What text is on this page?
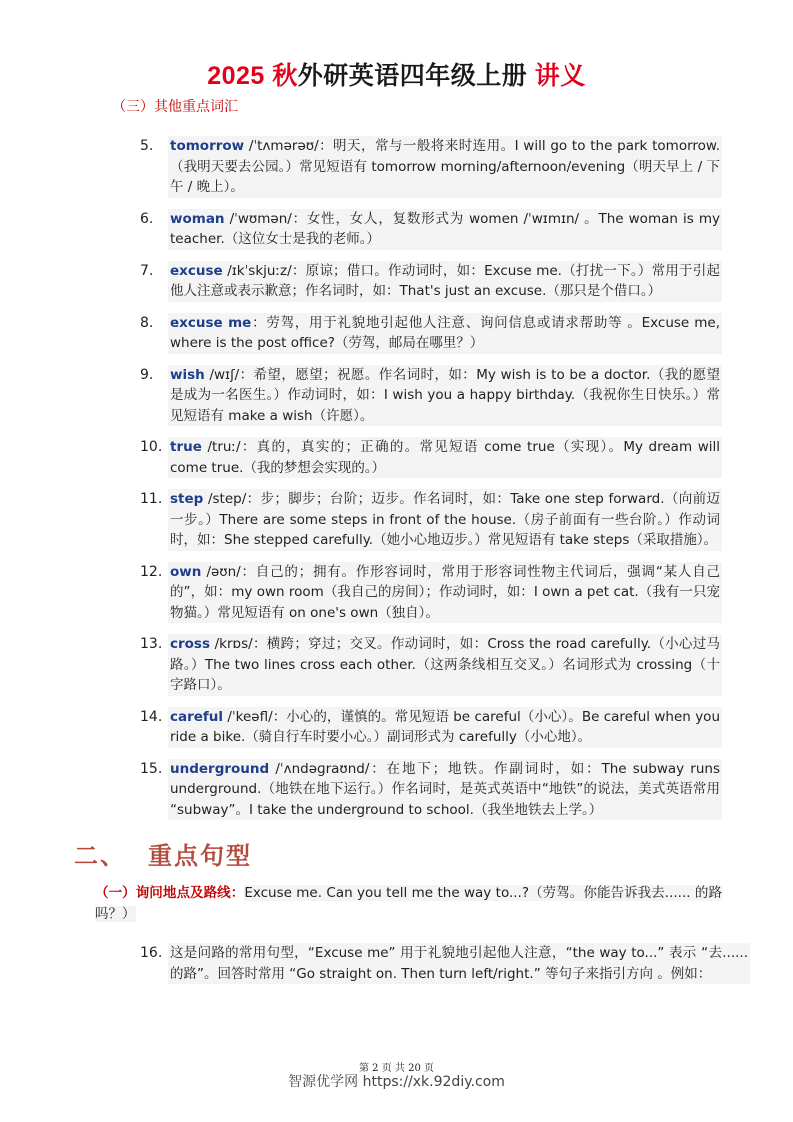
2025 秋外研英语四年级上册 讲义
（三）其他重点词汇
5.	tomorrow /ˈtʌmərəʊ/：明天，常与一般将来时连用。I will go to the park tomorrow.（我明天要去公园。）常见短语有 tomorrow morning/afternoon/evening（明天早上 / 下午 / 晚上）。
6.	woman /ˈwʊmən/：女性，女人，复数形式为 women /ˈwɪmɪn/ 。The woman is my teacher.（这位女士是我的老师。）
7.	excuse /ɪkˈskjuːz/：原谅；借口。作动词时，如：Excuse me.（打扰一下。）常用于引起他人注意或表示歉意；作名词时，如：That's just an excuse.（那只是个借口。）
8.	excuse me：劳驾，用于礼貌地引起他人注意、询问信息或请求帮助等 。Excuse me, where is the post office?（劳驾，邮局在哪里？）
9.	wish /wɪʃ/：希望，愿望；祝愿。作名词时，如：My wish is to be a doctor.（我的愿望是成为一名医生。）作动词时，如：I wish you a happy birthday.（我祝你生日快乐。）常见短语有 make a wish（许愿）。
10. true /truː/：真的，真实的；正确的。常见短语 come true（实现）。My dream will come true.（我的梦想会实现的。）
11. step /step/：步；脚步；台阶；迈步。作名词时，如：Take one step forward.（向前迈一步。）There are some steps in front of the house.（房子前面有一些台阶。）作动词时，如：She stepped carefully.（她小心地迈步。）常见短语有 take steps（采取措施）。
12. own /əʊn/：自己的；拥有。作形容词时，常用于形容词性物主代词后，强调“某人自己的”，如：my own room（我自己的房间）；作动词时，如：I own a pet cat.（我有一只宠物猫。）常见短语有 on one's own（独自）。
13. cross /krɒs/：横跨；穿过；交叉。作动词时，如：Cross the road carefully.（小心过马路。）The two lines cross each other.（这两条线相互交叉。）名词形式为 crossing（十字路口）。
14. careful /ˈkeəfl/：小心的，谨慎的。常见短语 be careful（小心）。Be careful when you ride a bike.（骑自行车时要小心。）副词形式为 carefully（小心地）。
15. underground /ˈʌndəɡraʊnd/：在地下；地铁。作副词时，如：The subway runs underground.（地铁在地下运行。）作名词时，是英式英语中“地铁”的说法，美式英语常用 “subway”。I take the underground to school.（我坐地铁去上学。）
二、 重点句型
（一）询问地点及路线：Excuse me. Can you tell me the way to...?（劳驾。你能告诉我去...... 的路吗？）
16. 这是问路的常用句型，“Excuse me” 用于礼貌地引起他人注意，“the way to...” 表示 “去...... 的路”。回答时常用 “Go straight on. Then turn left/right.” 等句子来指引方向 。例如：
第 2 页 共 20 页
智源优学网 https://xk.92diy.com
